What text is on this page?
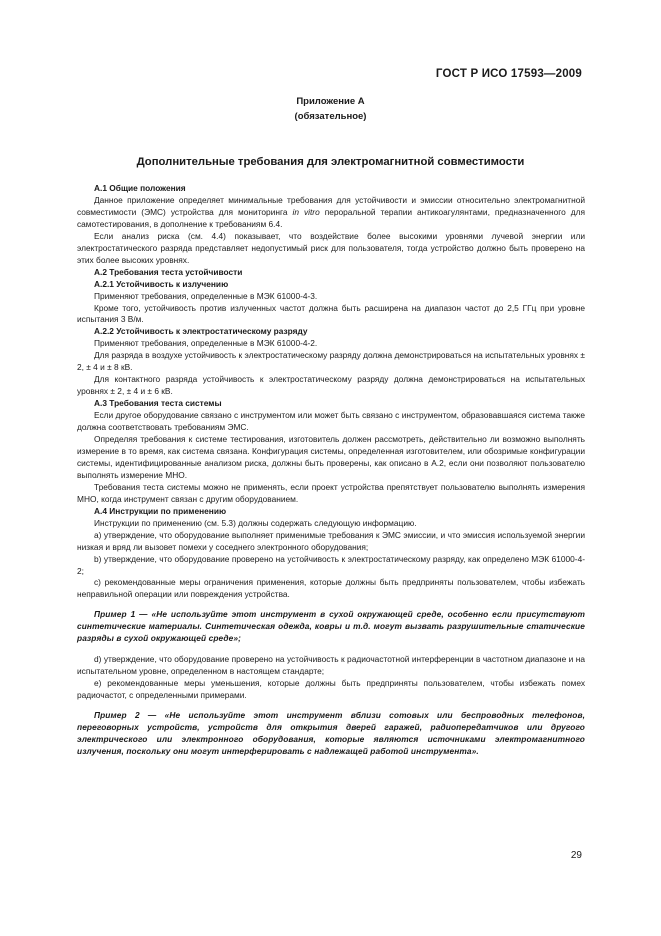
ГОСТ Р ИСО 17593—2009
Приложение А
(обязательное)
Дополнительные требования для электромагнитной совместимости

А.1 Общие положения

Данное приложение определяет минимальные требования для устойчивости и эмиссии относительно электромагнитной совместимости (ЭМС) устройства для мониторинга in vitro пероральной терапии антикоагулянтами, предназначенного для самотестирования, в дополнение к требованиям 6.4.

Если анализ риска (см. 4.4) показывает, что воздействие более высокими уровнями лучевой энергии или электростатического разряда представляет недопустимый риск для пользователя, тогда устройство должно быть проверено на этих более высоких уровнях.

А.2 Требования теста устойчивости

А.2.1 Устойчивость к излучению

Применяют требования, определенные в МЭК 61000-4-3.

Кроме того, устойчивость против излученных частот должна быть расширена на диапазон частот до 2,5 ГГц при уровне испытания 3 В/м.

А.2.2 Устойчивость к электростатическому разряду

Применяют требования, определенные в МЭК 61000-4-2.

Для разряда в воздухе устойчивость к электростатическому разряду должна демонстрироваться на испытательных уровнях ± 2, ± 4 и ± 8 кВ.

Для контактного разряда устойчивость к электростатическому разряду должна демонстрироваться на испытательных уровнях ± 2, ± 4 и ± 6 кВ.

А.3 Требования теста системы

Если другое оборудование связано с инструментом или может быть связано с инструментом, образовавшаяся система также должна соответствовать требованиям ЭМС.

Определяя требования к системе тестирования, изготовитель должен рассмотреть, действительно ли возможно выполнять измерение в то время, как система связана. Конфигурация системы, определенная изготовителем, или обозримые конфигурации системы, идентифицированные анализом риска, должны быть проверены, как описано в А.2, если они позволяют пользователю выполнять измерение МНО.

Требования теста системы можно не применять, если проект устройства препятствует пользователю выполнять измерения МНО, когда инструмент связан с другим оборудованием.

А.4 Инструкции по применению

Инструкции по применению (см. 5.3) должны содержать следующую информацию.

а) утверждение, что оборудование выполняет применимые требования к ЭМС эмиссии, и что эмиссия используемой энергии низкая и вряд ли вызовет помехи у соседнего электронного оборудования;

b) утверждение, что оборудование проверено на устойчивость к электростатическому разряду, как определено МЭК 61000-4-2;

с) рекомендованные меры ограничения применения, которые должны быть предприняты пользователем, чтобы избежать неправильной операции или повреждения устройства.

Пример 1 — «Не используйте этот инструмент в сухой окружающей среде, особенно если присутствуют синтетические материалы. Синтетическая одежда, ковры и т.д. могут вызвать разрушительные статические разряды в сухой окружающей среде»;

d) утверждение, что оборудование проверено на устойчивость к радиочастотной интерференции в частотном диапазоне и на испытательном уровне, определенном в настоящем стандарте;

е) рекомендованные меры уменьшения, которые должны быть предприняты пользователем, чтобы избежать помех радиочастот, с определенными примерами.

Пример 2 — «Не используйте этот инструмент вблизи сотовых или беспроводных телефонов, переговорных устройств, устройств для открытия дверей гаражей, радиопередатчиков или другого электрического или электронного оборудования, которые являются источниками электромагнитного излучения, поскольку они могут интерферировать с надлежащей работой инструмента».

29
